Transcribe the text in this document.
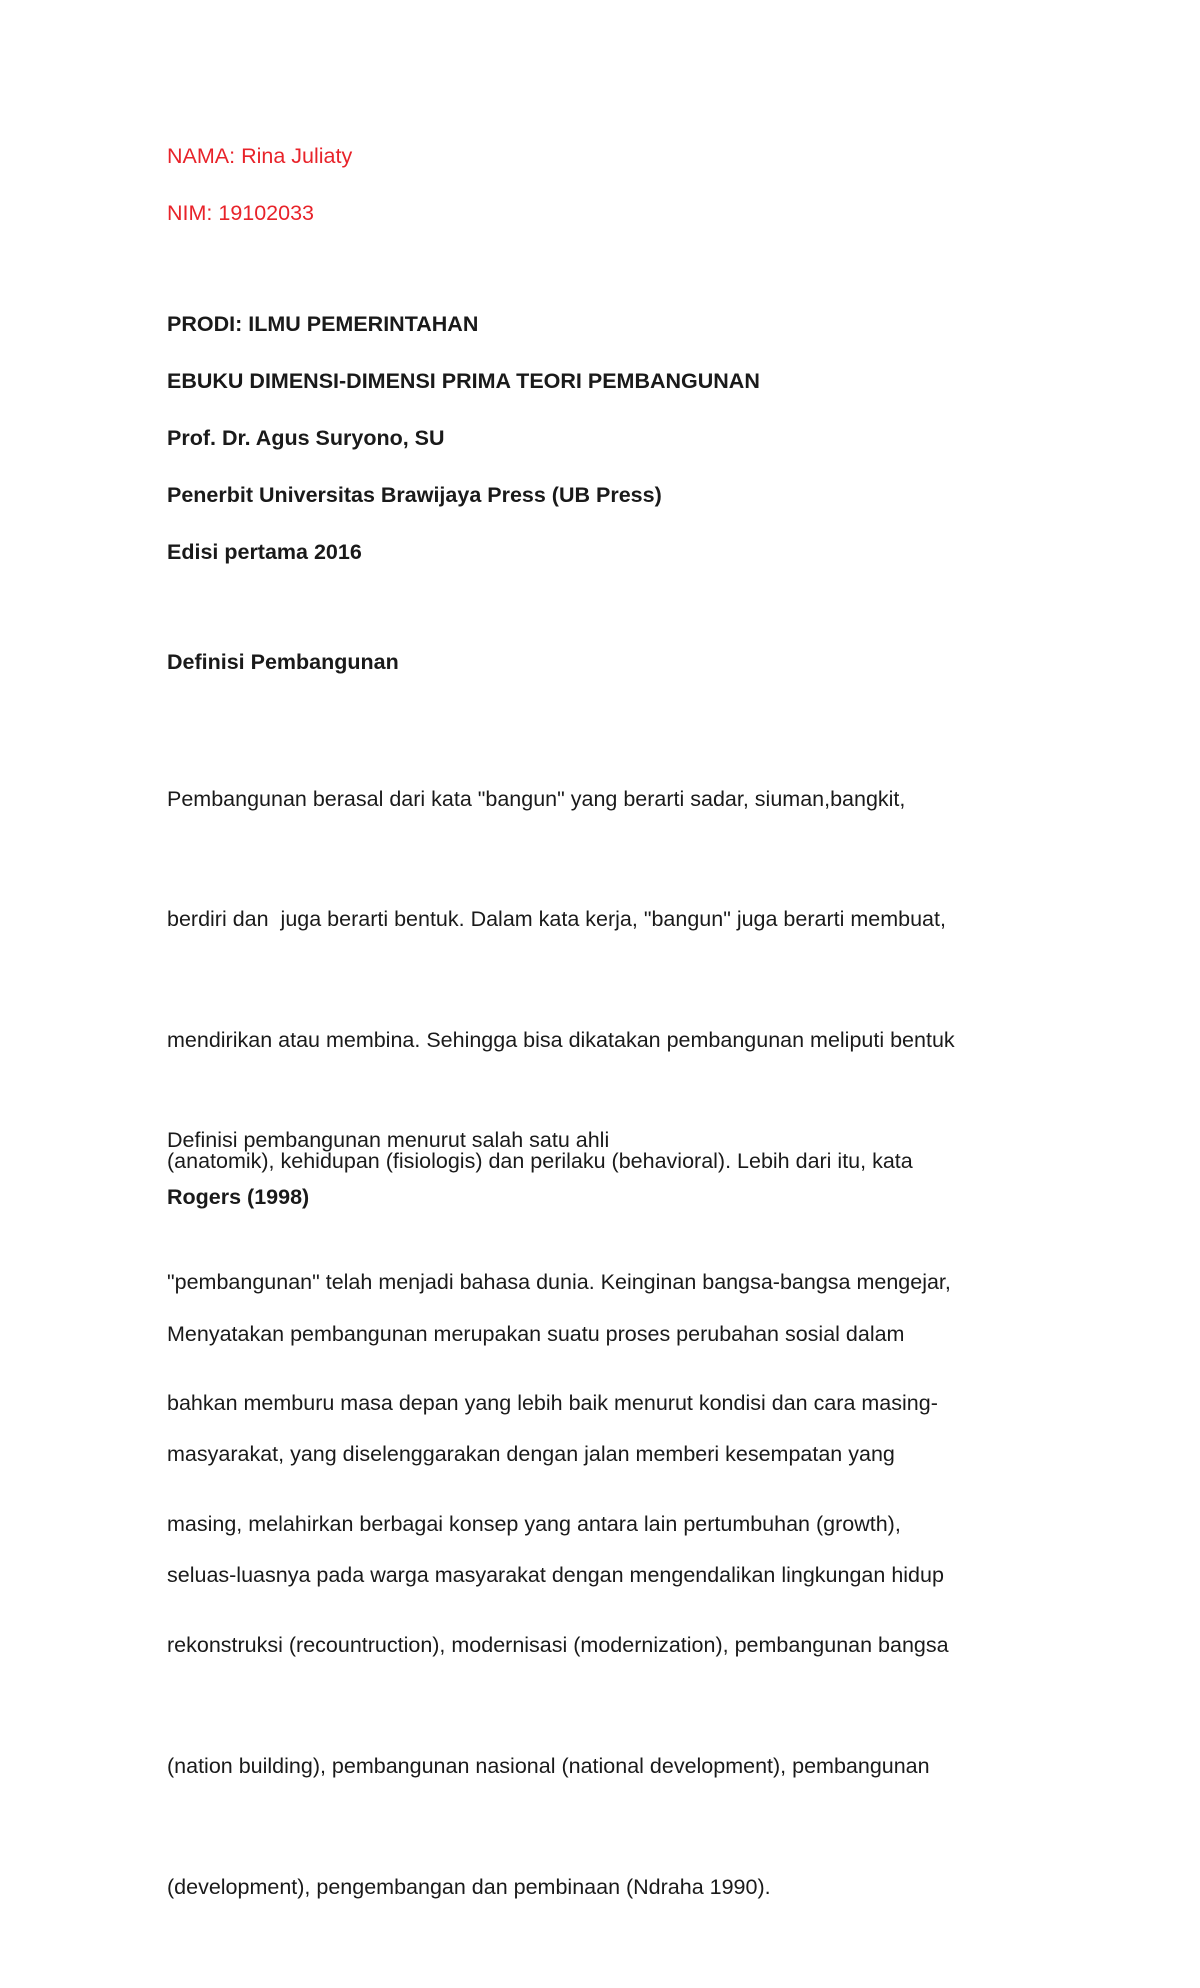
NAMA: Rina Juliaty

NIM: 19102033

PRODI: ILMU PEMERINTAHAN

EBUKU DIMENSI-DIMENSI PRIMA TEORI PEMBANGUNAN

Prof. Dr. Agus Suryono, SU

Penerbit Universitas Brawijaya Press (UB Press)

Edisi pertama 2016

Definisi Pembangunan

Pembangunan berasal dari kata "bangun" yang berarti sadar, siuman,bangkit,

berdiri dan  juga berarti bentuk. Dalam kata kerja, "bangun" juga berarti membuat,

mendirikan atau membina. Sehingga bisa dikatakan pembangunan meliputi bentuk

(anatomik), kehidupan (fisiologis) dan perilaku (behavioral). Lebih dari itu, kata

"pembangunan" telah menjadi bahasa dunia. Keinginan bangsa-bangsa mengejar,

bahkan memburu masa depan yang lebih baik menurut kondisi dan cara masing-

masing, melahirkan berbagai konsep yang antara lain pertumbuhan (growth),

rekonstruksi (recountruction), modernisasi (modernization), pembangunan bangsa

(nation building), pembangunan nasional (national development), pembangunan

(development), pengembangan dan pembinaan (Ndraha 1990).

Definisi pembangunan menurut salah satu ahli

Rogers (1998)

Menyatakan pembangunan merupakan suatu proses perubahan sosial dalam

masyarakat, yang diselenggarakan dengan jalan memberi kesempatan yang

seluas-luasnya pada warga masyarakat dengan mengendalikan lingkungan hidup
